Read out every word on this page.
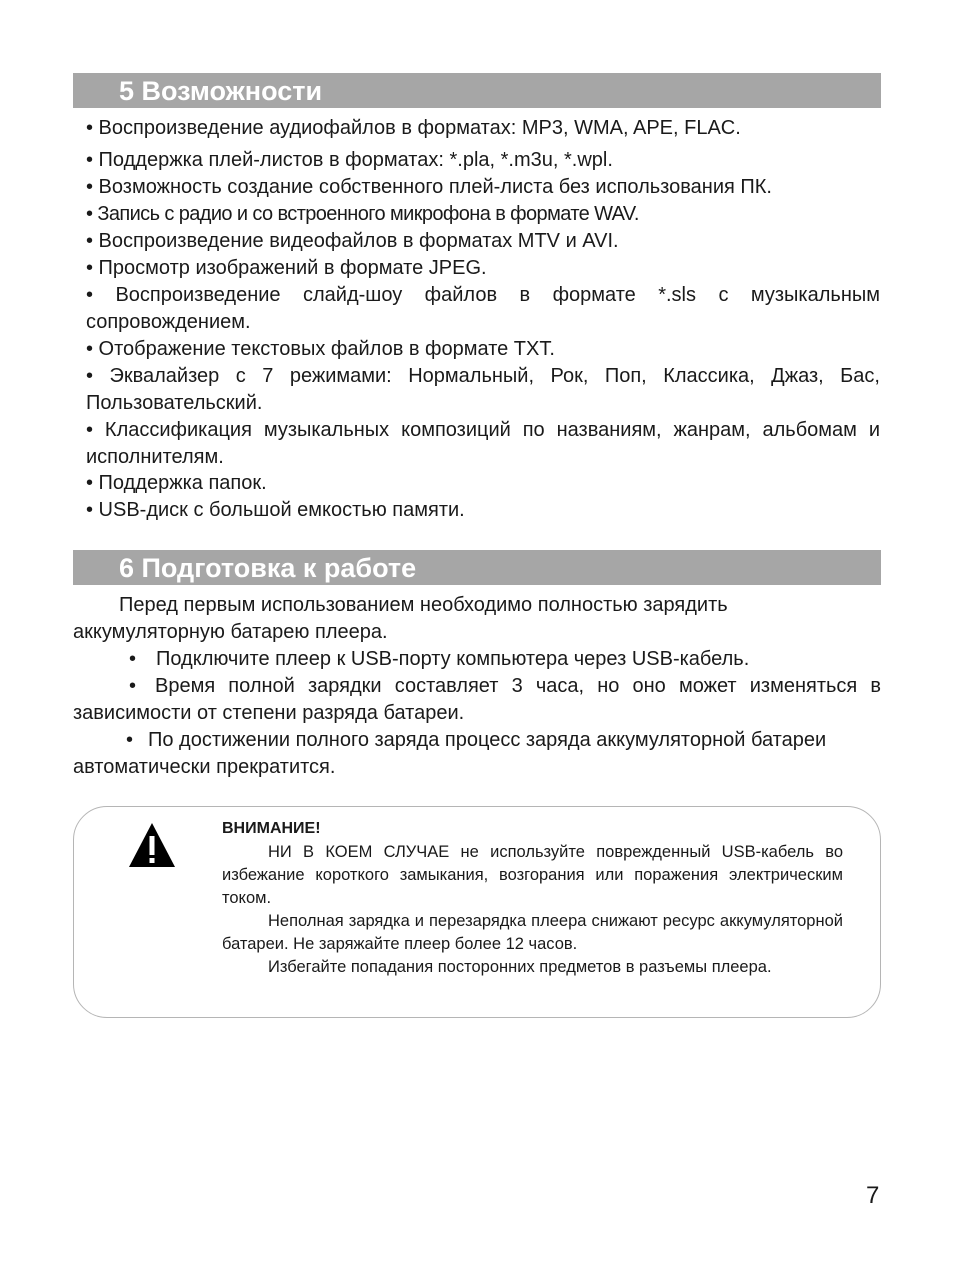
5 Возможности

• Воспроизведение аудиофайлов в форматах: MP3, WMA, APE, FLAC.

• Поддержка плей-листов в форматах: *.pla, *.m3u, *.wpl.

• Возможность создание собственного плей-листа без использования ПК.

• Запись с радио и со встроенного микрофона в формате WAV.

• Воспроизведение видеофайлов в форматах MTV и AVI.

• Просмотр изображений в формате JPEG.

• Воспроизведение слайд-шоу файлов в формате *.sls с музыкальным сопровождением.

• Отображение текстовых файлов в формате TXT.

• Эквалайзер с 7 режимами: Нормальный, Рок, Поп, Классика, Джаз, Бас, Пользовательский.

• Классификация музыкальных композиций по названиям, жанрам, альбомам и исполнителям.

• Поддержка папок.

• USB-диск с большой емкостью памяти.

6 Подготовка к работе

Перед первым использованием необходимо полностью зарядить аккумуляторную батарею плеера.

• Подключите плеер к USB-порту компьютера через USB-кабель.
• Время полной зарядки составляет 3 часа, но оно может изменяться в зависимости от степени разряда батареи.
• По достижении полного заряда процесс заряда аккумуляторной батареи автоматически прекратится.
ВНИМАНИЕ!

НИ В КОЕМ СЛУЧАЕ не используйте поврежденный USB-кабель во избежание короткого замыкания, возгорания или поражения электрическим током.

Неполная зарядка и перезарядка плеера снижают ресурс аккумуляторной батареи. Не заряжайте плеер более 12 часов.

Избегайте попадания посторонних предметов в разъемы плеера.

7
